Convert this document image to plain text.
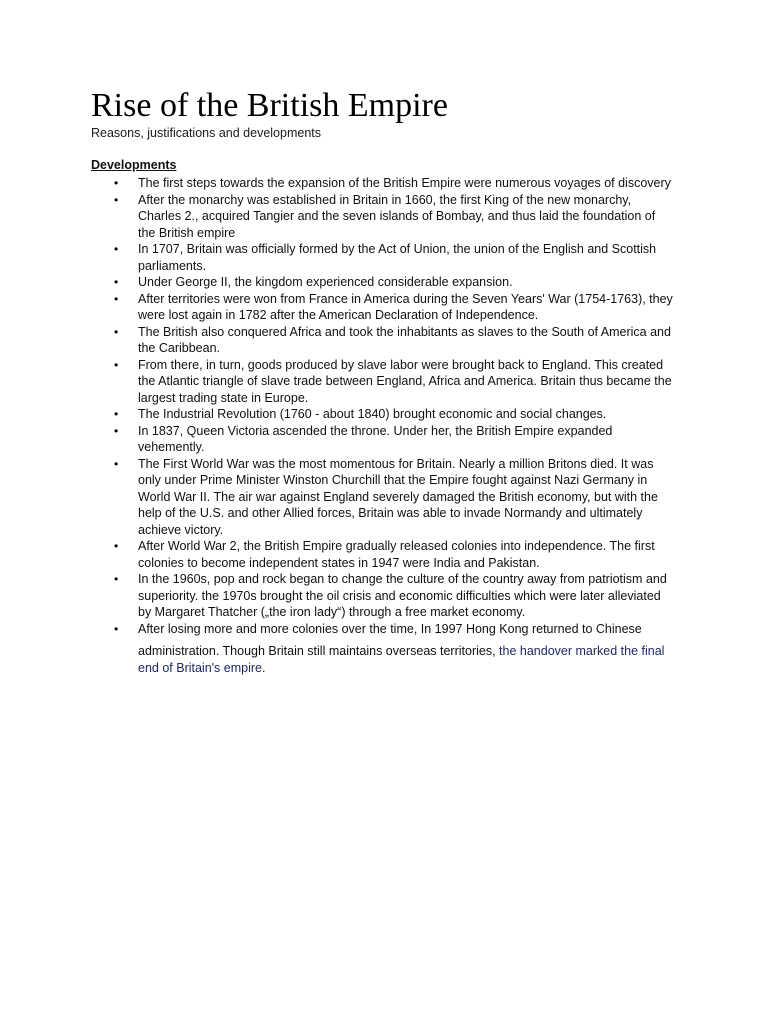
Rise of the British Empire
Reasons, justifications and developments
Developments
• The first steps towards the expansion of the British Empire were numerous voyages of discovery
• After the monarchy was established in Britain in 1660, the first King of the new monarchy, Charles 2., acquired Tangier and the seven islands of Bombay, and thus laid the foundation of the British empire
• In 1707, Britain was officially formed by the Act of Union, the union of the English and Scottish parliaments.
• Under George II, the kingdom experienced considerable expansion.
• After territories were won from France in America during the Seven Years' War (1754-1763), they were lost again in 1782 after the American Declaration of Independence.
• The British also conquered Africa and took the inhabitants as slaves to the South of America and the Caribbean.
• From there, in turn, goods produced by slave labor were brought back to England. This created the Atlantic triangle of slave trade between England, Africa and America. Britain thus became the largest trading state in Europe.
• The Industrial Revolution (1760 - about 1840) brought economic and social changes.
• In 1837, Queen Victoria ascended the throne. Under her, the British Empire expanded vehemently.
• The First World War was the most momentous for Britain. Nearly a million Britons died. It was only under Prime Minister Winston Churchill that the Empire fought against Nazi Germany in World War II. The air war against England severely damaged the British economy, but with the help of the U.S. and other Allied forces, Britain was able to invade Normandy and ultimately achieve victory.
• After World War 2, the British Empire gradually released colonies into independence. The first colonies to become independent states in 1947 were India and Pakistan.
• In the 1960s, pop and rock began to change the culture of the country away from patriotism and superiority. the 1970s brought the oil crisis and economic difficulties which were later alleviated by Margaret Thatcher („the iron lady“) through a free market economy.
• After losing more and more colonies over the time, In 1997 Hong Kong returned to Chinese
administration. Though Britain still maintains overseas territories, the handover marked the final end of Britain's empire.
